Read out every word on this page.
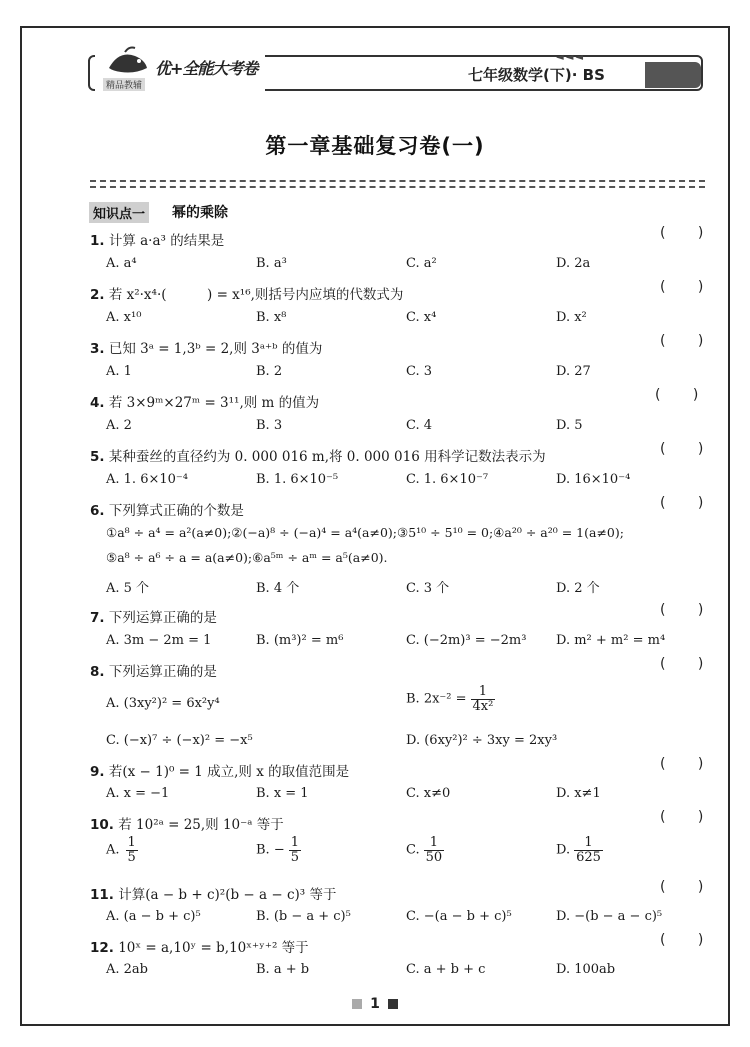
优+全能大考卷
精品教辅
◄◄◄
七年级数学(下)· BS
第一章基础复习卷(一)
知识点一 幂的乘除
1. 计算 a·a³ 的结果是	( )
A. a⁴	B. a³	C. a²	D. 2a
2. 若 x²·x⁴·(　　　) = x¹⁶,则括号内应填的代数式为	( )
A. x¹⁰	B. x⁸	C. x⁴	D. x²
3. 已知 3ᵃ = 1,3ᵇ = 2,则 3ᵃ⁺ᵇ 的值为	( )
A. 1	B. 2	C. 3	D. 27
4. 若 3×9ᵐ×27ᵐ = 3¹¹,则 m 的值为	( )
A. 2	B. 3	C. 4	D. 5
5. 某种蚕丝的直径约为 0. 000 016 m,将 0. 000 016 用科学记数法表示为	( )
A. 1. 6×10⁻⁴	B. 1. 6×10⁻⁵	C. 1. 6×10⁻⁷	D. 16×10⁻⁴
6. 下列算式正确的个数是	( )
①a⁸ ÷ a⁴ = a²(a≠0);②(−a)⁸ ÷ (−a)⁴ = a⁴(a≠0);③5¹⁰ ÷ 5¹⁰ = 0;④a²⁰ ÷ a²⁰ = 1(a≠0);
⑤a⁸ ÷ a⁶ ÷ a = a(a≠0);⑥a⁵ᵐ ÷ aᵐ = a⁵(a≠0).
A. 5 个	B. 4 个	C. 3 个	D. 2 个
7. 下列运算正确的是	( )
A. 3m − 2m = 1	B. (m³)² = m⁶	C. (−2m)³ = −2m³ D. m² + m² = m⁴
8. 下列运算正确的是	( )
A. (3xy²)² = 6x²y⁴	B. $2x^{-2} = \frac{1}{\text{4x²}}$
C. (−x)⁷ ÷ (−x)² = −x⁵	D. (6xy²)² ÷ 3xy = 2xy³
9. 若(x − 1)⁰ = 1 成立,则 x 的取值范围是	( )
A. x = −1	B. x = 1	C. x≠0	D. x≠1
10. 若 10²ᵃ = 25,则 10⁻ᵃ 等于	( )
A. $\frac{1}{5}$	B. − $\frac{1}{5}$	C. $\frac{1}{50}$	D. $\frac{1}{625}$
11. 计算(a − b + c)²(b − a − c)³ 等于	( )
A. (a − b + c)⁵	B. (b − a + c)⁵	C. −(a − b + c)⁵	D. −(b − a − c)⁵
12. 10ˣ = a,10ʸ = b,10ˣ⁺ʸ⁺² 等于	( )
A. 2ab	B. a + b	C. a + b + c	D. 100ab
1
